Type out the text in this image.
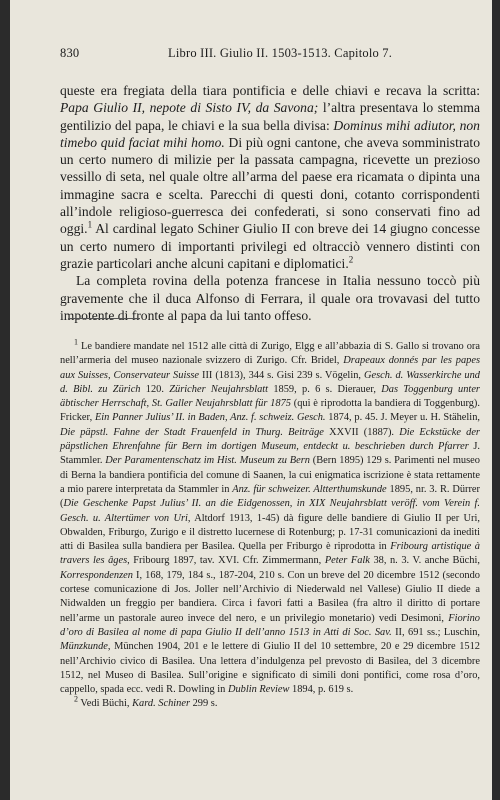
830	Libro III. Giulio II. 1503-1513. Capitolo 7.

queste era fregiata della tiara pontificia e delle chiavi e recava la scritta: Papa Giulio II, nepote di Sisto IV, da Savona; l’altra presentava lo stemma gentilizio del papa, le chiavi e la sua bella divisa: Dominus mihi adiutor, non timebo quid faciat mihi homo. Di più ogni cantone, che aveva somministrato un certo numero di milizie per la passata campagna, ricevette un prezioso vessillo di seta, nel quale oltre all’arma del paese era ricamata o dipinta una immagine sacra e scelta. Parecchi di questi doni, cotanto corrispondenti all’indole religioso-guerresca dei confederati, si sono conservati fino ad oggi.$^1$ Al cardinal legato Schiner Giulio II con breve dei 14 giugno concesse un certo numero di importanti privilegi ed oltracciò vennero distinti con grazie particolari anche alcuni capitani e diplomatici.$^2$

La completa rovina della potenza francese in Italia nessuno toccò più gravemente che il duca Alfonso di Ferrara, il quale ora trovavasi del tutto impotente di fronte al papa da lui tanto offeso.

$^1$ Le bandiere mandate nel 1512 alle città di Zurigo, Elgg e all’abbazia di S. Gallo si trovano ora nell’armeria del museo nazionale svizzero di Zurigo. Cfr. Bridel, Drapeaux donnés par les papes aux Suisses, Conservateur Suisse III (1813), 344 s. Gisi 239 s. Vögelin, Gesch. d. Wasserkirche und d. Bibl. zu Zürich 120. Züricher Neujahrsblatt 1859, p. 6 s. Dierauer, Das Toggenburg unter äbtischer Herrschaft, St. Galler Neujahrsblatt für 1875 (qui è riprodotta la bandiera di Toggenburg). Fricker, Ein Panner Julius’ II. in Baden, Anz. f. schweiz. Gesch. 1874, p. 45. J. Meyer u. H. Stähelin, Die päpstl. Fahne der Stadt Frauenfeld in Thurg. Beiträge XXVII (1887). Die Eckstücke der päpstlichen Ehrenfahne für Bern im dortigen Museum, entdeckt u. beschrieben durch Pfarrer J. Stammler. Der Paramentenschatz im Hist. Museum zu Bern (Bern 1895) 129 s. Parimenti nel museo di Berna la bandiera pontificia del comune di Saanen, la cui enigmatica iscrizione è stata rettamente a mio parere interpretata da Stammler in Anz. für schweizer. Altterthumskunde 1895, nr. 3. R. Dürrer (Die Geschenke Papst Julius’ II. an die Eidgenossen, in XIX Neujahrsblatt veröff. vom Verein f. Gesch. u. Altertümer von Uri, Altdorf 1913, 1-45) dà figure delle bandiere di Giulio II per Uri, Obwalden, Friburgo, Zurigo e il distretto lucernese di Rotenburg; p. 17-31 comunicazioni da inediti atti di Basilea sulla bandiera per Basilea. Quella per Friburgo è riprodotta in Fribourg artistique à travers les âges, Fribourg 1897, tav. XVI. Cfr. Zimmermann, Peter Falk 38, n. 3. V. anche Büchi, Korrespondenzen I, 168, 179, 184 s., 187-204, 210 s. Con un breve del 20 dicembre 1512 (secondo cortese comunicazione di Jos. Joller nell’Archivio di Niederwald nel Vallese) Giulio II diede a Nidwalden un freggio per bandiera. Circa i favori fatti a Basilea (fra altro il diritto di portare nell’arme un pastorale aureo invece del nero, e un privilegio monetario) vedi Desimoni, Fiorino d’oro di Basilea al nome di papa Giulio II dell’anno 1513 in Atti di Soc. Sav. II, 691 ss.; Luschin, Münzkunde, München 1904, 201 e le lettere di Giulio II del 10 settembre, 20 e 29 dicembre 1512 nell’Archivio civico di Basilea. Una lettera d’indulgenza pel prevosto di Basilea, del 3 dicembre 1512, nel Museo di Basilea. Sull’origine e significato di simili doni pontifici, come rosa d’oro, cappello, spada ecc. vedi R. Dowling in Dublin Review 1894, p. 619 s.

$^2$ Vedi Büchi, Kard. Schiner 299 s.
